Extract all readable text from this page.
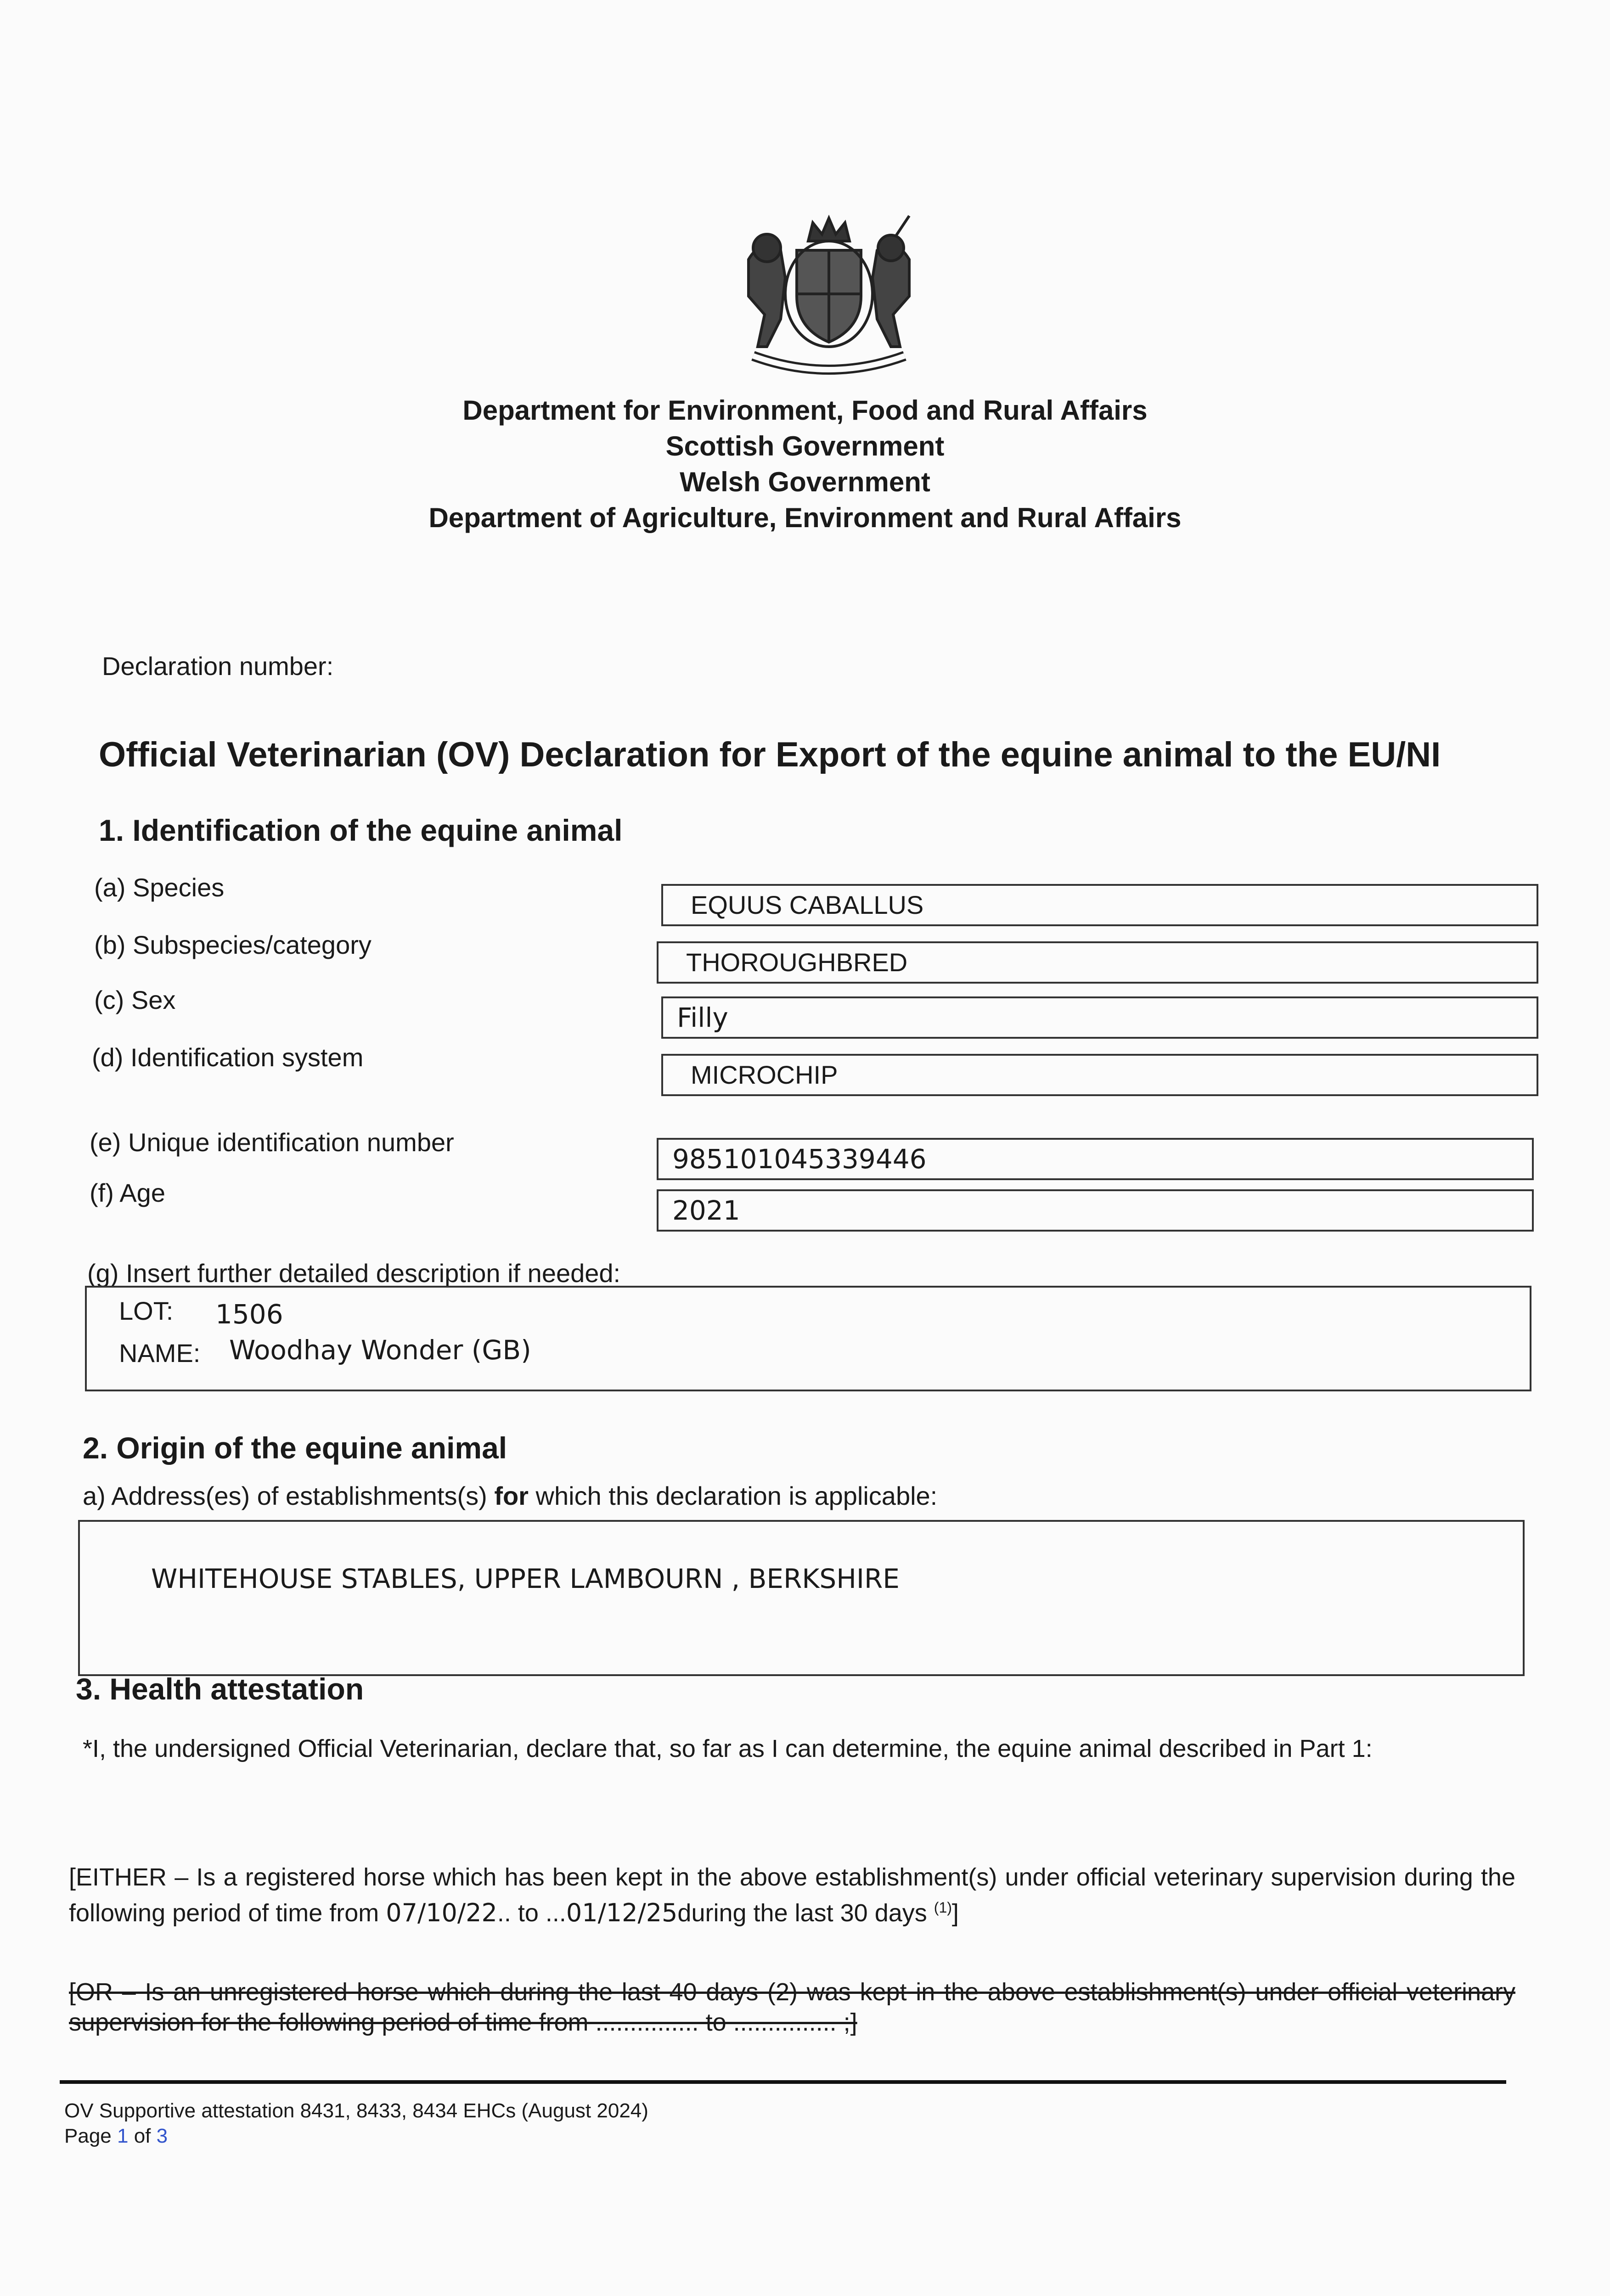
Department for Environment, Food and Rural Affairs
Scottish Government
Welsh Government
Department of Agriculture, Environment and Rural Affairs
Declaration number:
Official Veterinarian (OV) Declaration for Export of the equine animal to the EU/NI
1. Identification of the equine animal
(a) Species
EQUUS CABALLUS
(b) Subspecies/category
THOROUGHBRED
(c) Sex
Filly
(d) Identification system
MICROCHIP
(e) Unique identification number
985101045339446
(f) Age
2021
(g) Insert further detailed description if needed:
LOT: 1506
NAME: Woodhay Wonder (GB)
2. Origin of the equine animal
a) Address(es) of establishments(s) for which this declaration is applicable:
WHITEHOUSE STABLES, UPPER LAMBOURN , BERKSHIRE
3. Health attestation
*I, the undersigned Official Veterinarian, declare that, so far as I can determine, the equine animal described in Part 1:
[EITHER – Is a registered horse which has been kept in the above establishment(s) under official veterinary supervision during the following period of time from 07/10/22.. to ...01/12/25during the last 30 days $^{(1)}$]
[OR – Is an unregistered horse which during the last 40 days (2) was kept in the above establishment(s) under official veterinary supervision for the following period of time from ............... to ............... ;]
OV Supportive attestation 8431, 8433, 8434 EHCs (August 2024)
Page 1 of 3
